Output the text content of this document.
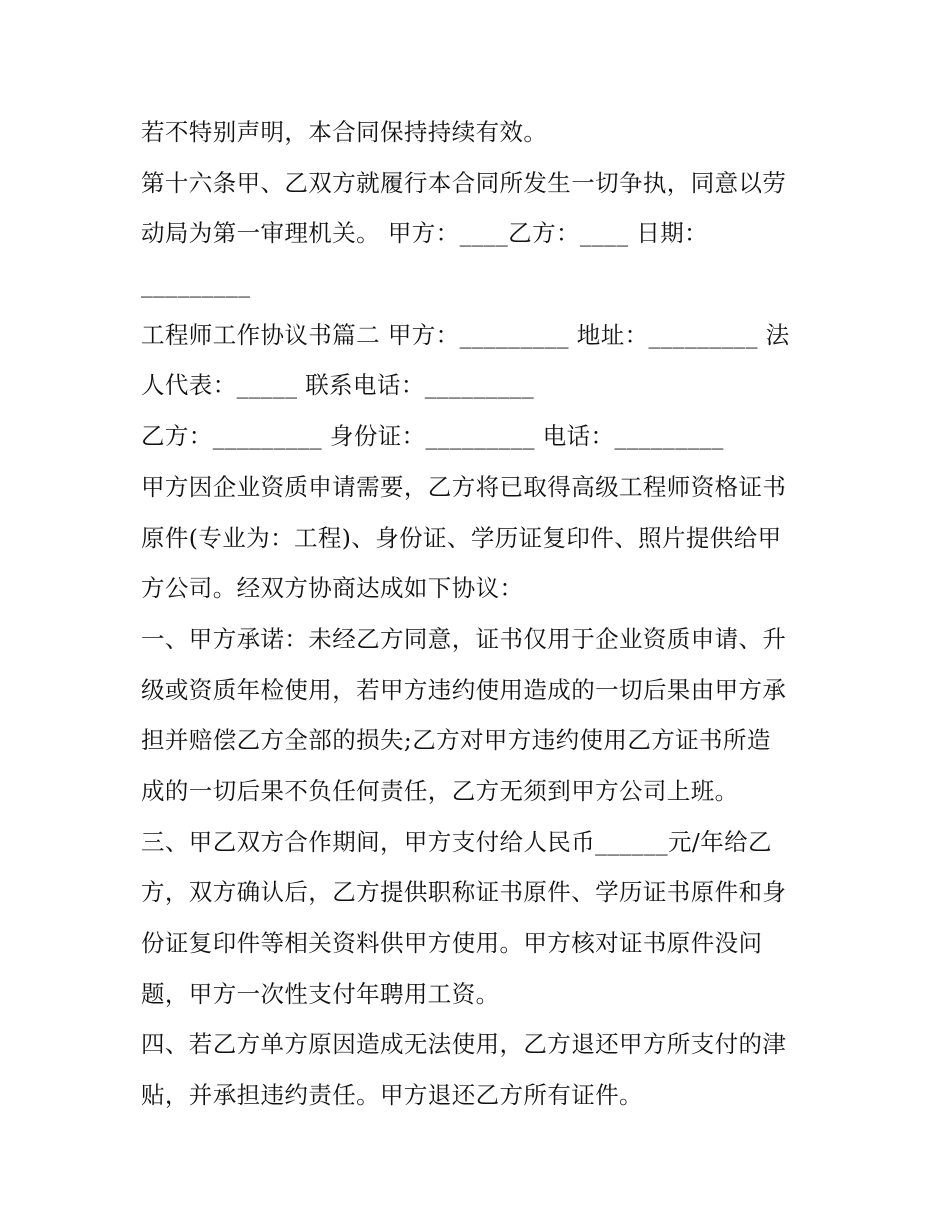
若不特别声明，本合同保持持续有效。
第十六条甲、乙双方就履行本合同所发生一切争执，同意以劳
动局为第一审理机关。 甲方：____乙方：____ 日期：
_________
工程师工作协议书篇二 甲方：_________ 地址：_________ 法
人代表：_____ 联系电话：_________
乙方：_________ 身份证：_________ 电话：_________
甲方因企业资质申请需要，乙方将已取得高级工程师资格证书
原件(专业为：工程)、身份证、学历证复印件、照片提供给甲
方公司。经双方协商达成如下协议：
一、甲方承诺：未经乙方同意，证书仅用于企业资质申请、升
级或资质年检使用，若甲方违约使用造成的一切后果由甲方承
担并赔偿乙方全部的损失;乙方对甲方违约使用乙方证书所造
成的一切后果不负任何责任，乙方无须到甲方公司上班。
三、甲乙双方合作期间，甲方支付给人民币______元/年给乙
方，双方确认后，乙方提供职称证书原件、学历证书原件和身
份证复印件等相关资料供甲方使用。甲方核对证书原件没问
题，甲方一次性支付年聘用工资。
四、若乙方单方原因造成无法使用，乙方退还甲方所支付的津
贴，并承担违约责任。甲方退还乙方所有证件。
